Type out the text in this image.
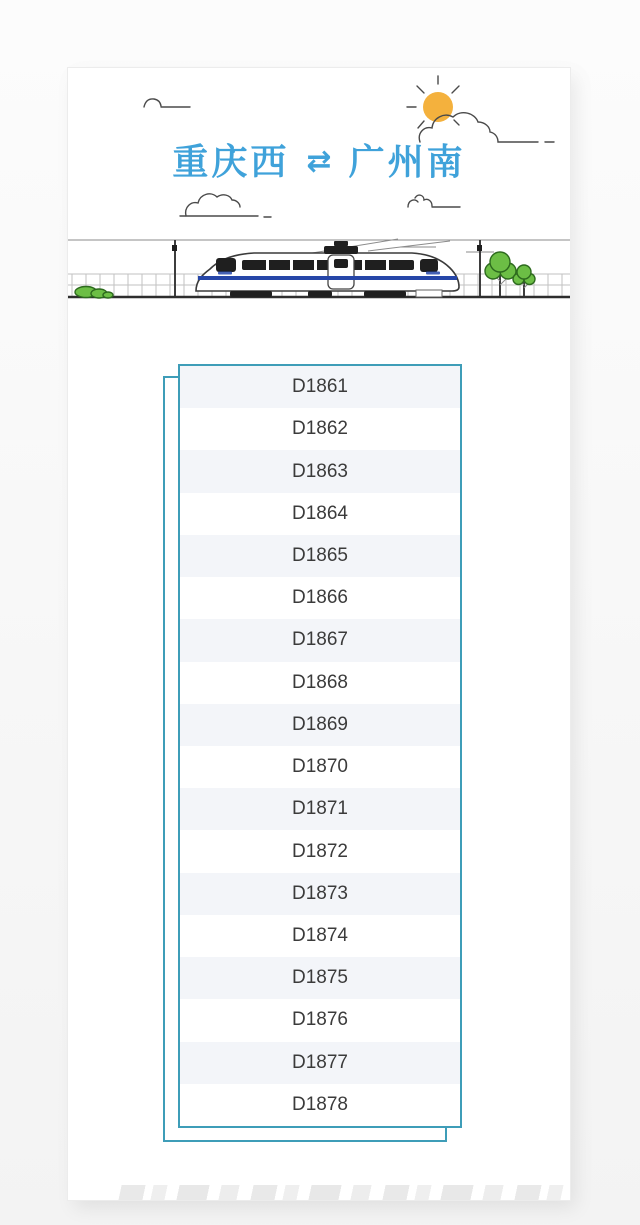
重庆西 ⇄ 广州南
D1861
D1862
D1863
D1864
D1865
D1866
D1867
D1868
D1869
D1870
D1871
D1872
D1873
D1874
D1875
D1876
D1877
D1878
